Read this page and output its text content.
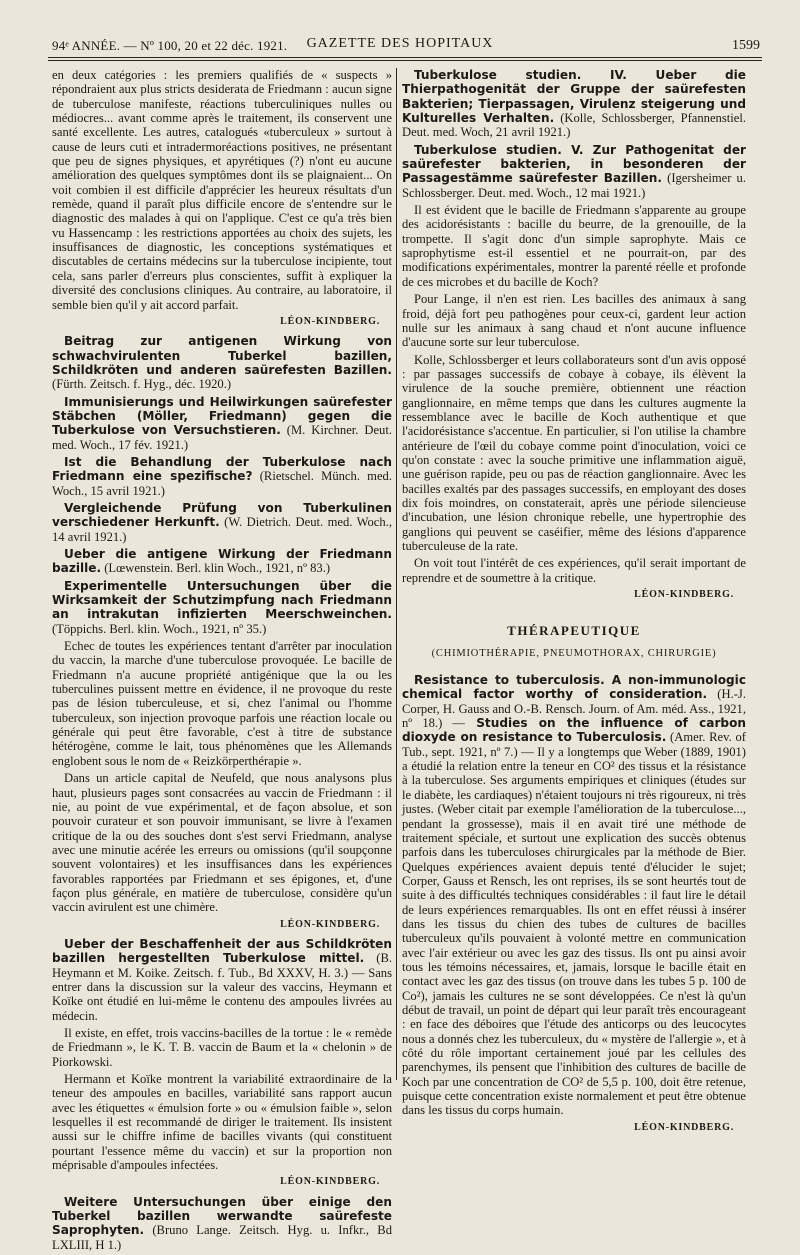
94ᵉ ANNÉE. — Nº 100, 20 et 22 déc. 1921.	GAZETTE DES HOPITAUX	1599

en deux catégories : les premiers qualifiés de « suspects » répondraient aux plus stricts desiderata de Friedmann : aucun signe de tuberculose manifeste, réactions tuberculiniques nulles ou médiocres... avant comme après le traitement, ils conservent une santé excellente. Les autres, catalogués «tuberculeux » surtout à cause de leurs cuti et intradermoréactions positives, ne présentant que peu de signes physiques, et apyrétiques (?) n'ont eu aucune amélioration des quelques symptômes dont ils se plaignaient... On voit combien il est difficile d'apprécier les heureux résultats d'un remède, quand il paraît plus difficile encore de s'entendre sur le diagnostic des malades à qui on l'applique. C'est ce qu'a très bien vu Hassencamp : les restrictions apportées au choix des sujets, les insuffisances de diagnostic, les conceptions systématiques et discutables de certains médecins sur la tuberculose incipiente, tout cela, sans parler d'erreurs plus conscientes, suffit à expliquer la diversité des conclusions cliniques. Au contraire, au laboratoire, il semble bien qu'il y ait accord parfait.

LÉON-KINDBERG.

Beitrag zur antigenen Wirkung von schwachvirulenten Tuberkel bazillen, Schildkröten und anderen saürefesten Bazillen. (Fürth. Zeitsch. f. Hyg., déc. 1920.)

Immunisierungs und Heilwirkungen saürefester Stäbchen (Möller, Friedmann) gegen die Tuberkulose von Versuchstieren. (M. Kirchner. Deut. med. Woch., 17 fév. 1921.)

Ist die Behandlung der Tuberkulose nach Friedmann eine spezifische? (Rietschel. Münch. med. Woch., 15 avril 1921.)

Vergleichende Prüfung von Tuberkulinen verschiedener Herkunft. (W. Dietrich. Deut. med. Woch., 14 avril 1921.)

Ueber die antigene Wirkung der Friedmann bazille. (Lœwenstein. Berl. klin Woch., 1921, nº 83.)

Experimentelle Untersuchungen über die Wirksamkeit der Schutzimpfung nach Friedmann an intrakutan infizierten Meerschweinchen. (Töppichs. Berl. klin. Woch., 1921, nº 35.)

Echec de toutes les expériences tentant d'arrêter par inoculation du vaccin, la marche d'une tuberculose provoquée. Le bacille de Friedmann n'a aucune propriété antigénique que la ou les tuberculines puissent mettre en évidence, il ne provoque du reste pas de lésion tuberculeuse, et si, chez l'animal ou l'homme tuberculeux, son injection provoque parfois une réaction locale ou générale qui peut être favorable, c'est à titre de substance hétérogène, comme le lait, tous phénomènes que les Allemands englobent sous le nom de « Reizkörperthérapie ».

Dans un article capital de Neufeld, que nous analysons plus haut, plusieurs pages sont consacrées au vaccin de Friedmann : il nie, au point de vue expérimental, et de façon absolue, et son pouvoir curateur et son pouvoir immunisant, se livre à l'examen critique de la ou des souches dont s'est servi Friedmann, analyse avec une minutie acérée les erreurs ou omissions (qu'il soupçonne souvent volontaires) et les insuffisances dans les expériences favorables rapportées par Friedmann et ses épigones, et, d'une façon plus générale, en matière de tuberculose, considère qu'un vaccin avirulent est une chimère.

LÉON-KINDBERG.

Ueber der Beschaffenheit der aus Schildkröten bazillen hergestellten Tuberkulose mittel. (B. Heymann et M. Koike. Zeitsch. f. Tub., Bd XXXV, H. 3.) — Sans entrer dans la discussion sur la valeur des vaccins, Heymann et Koïke ont étudié en lui-même le contenu des ampoules livrées au médecin.

Il existe, en effet, trois vaccins-bacilles de la tortue : le « remède de Friedmann », le K. T. B. vaccin de Baum et la « chelonin » de Piorkowski.

Hermann et Koïke montrent la variabilité extraordinaire de la teneur des ampoules en bacilles, variabilité sans rapport aucun avec les étiquettes « émulsion forte » ou « émulsion faible », selon lesquelles il est recommandé de diriger le traitement. Ils insistent aussi sur le chiffre infime de bacilles vivants (qui constituent pourtant l'essence même du vaccin) et sur la proportion non méprisable d'ampoules infectées.

LÉON-KINDBERG.

Weitere Untersuchungen über einige den Tuberkel bazillen werwandte saürefeste Saprophyten. (Bruno Lange. Zeitsch. Hyg. u. Infkr., Bd LXLIII, H 1.)

Tuberkulose studien. IV. Ueber die Thierpathogenität der Gruppe der saürefesten Bakterien; Tierpassagen, Virulenz steigerung und Kulturelles Verhalten. (Kolle, Schlossberger, Pfannenstiel. Deut. med. Woch, 21 avril 1921.)

Tuberkulose studien. V. Zur Pathogenitat der saürefester bakterien, in besonderen der Passagestämme saürefester Bazillen. (Igersheimer u. Schlossberger. Deut. med. Woch., 12 mai 1921.)

Il est évident que le bacille de Friedmann s'apparente au groupe des acidorésistants : bacille du beurre, de la grenouille, de la trompette. Il s'agit donc d'un simple saprophyte. Mais ce saprophytisme est-il essentiel et ne pourrait-on, par des modifications expérimentales, montrer la parenté réelle et profonde de ces microbes et du bacille de Koch?

Pour Lange, il n'en est rien. Les bacilles des animaux à sang froid, déjà fort peu pathogènes pour ceux-ci, gardent leur action nulle sur les animaux à sang chaud et n'ont aucune influence d'aucune sorte sur leur tuberculose.

Kolle, Schlossberger et leurs collaborateurs sont d'un avis opposé : par passages successifs de cobaye à cobaye, ils élèvent la virulence de la souche première, obtiennent une réaction ganglionnaire, en même temps que dans les cultures augmente la ressemblance avec le bacille de Koch authentique et que l'acidorésistance s'accentue. En particulier, si l'on utilise la chambre antérieure de l'œil du cobaye comme point d'inoculation, voici ce qu'on constate : avec la souche primitive une inflammation aiguë, une guérison rapide, peu ou pas de réaction ganglionnaire. Avec les bacilles exaltés par des passages successifs, en employant des doses dix fois moindres, on constaterait, après une période silencieuse d'incubation, une lésion chronique rebelle, une hypertrophie des ganglions qui peuvent se caséifier, même des lésions d'apparence tuberculeuse de la rate.

On voit tout l'intérêt de ces expériences, qu'il serait important de reprendre et de soumettre à la critique.

LÉON-KINDBERG.

THÉRAPEUTIQUE

(CHIMIOTHÉRAPIE, PNEUMOTHORAX, CHIRURGIE)

Resistance to tuberculosis. A non-immunologic chemical factor worthy of consideration. (H.-J. Corper, H. Gauss and O.-B. Rensch. Journ. of Am. méd. Ass., 1921, nº 18.) — Studies on the influence of carbon dioxyde on resistance to Tuberculosis. (Amer. Rev. of Tub., sept. 1921, nº 7.) — Il y a longtemps que Weber (1889, 1901) a étudié la relation entre la teneur en CO² des tissus et la résistance à la tuberculose. Ses arguments empiriques et cliniques (études sur le diabète, les cardiaques) n'étaient toujours ni très rigoureux, ni très justes. (Weber citait par exemple l'amélioration de la tuberculose..., pendant la grossesse), mais il en avait tiré une méthode de traitement spéciale, et surtout une explication des succès obtenus parfois dans les tuberculoses chirurgicales par la méthode de Bier. Quelques expériences avaient depuis tenté d'élucider le sujet; Corper, Gauss et Rensch, les ont reprises, ils se sont heurtés tout de suite à des difficultés techniques considérables : il faut lire le détail de leurs expériences remarquables. Ils ont en effet réussi à insérer dans les tissus du chien des tubes de cultures de bacilles tuberculeux qu'ils pouvaient à volonté mettre en communication avec l'air extérieur ou avec les gaz des tissus. Ils ont pu ainsi avoir tous les témoins nécessaires, et, jamais, lorsque le bacille était en contact avec les gaz des tissus (on trouve dans les tubes 5 p. 100 de Co²), jamais les cultures ne se sont développées. Ce n'est là qu'un début de travail, un point de départ qui leur paraît très encourageant : en face des déboires que l'étude des anticorps ou des leucocytes nous a donnés chez les tuberculeux, du « mystère de l'allergie », et à côté du rôle important certainement joué par les cellules des parenchymes, ils pensent que l'inhibition des cultures de bacille de Koch par une concentration de CO² de 5,5 p. 100, doit être retenue, puisque cette concentration existe normalement et peut être obtenue dans les tissus du corps humain.

LÉON-KINDBERG.
